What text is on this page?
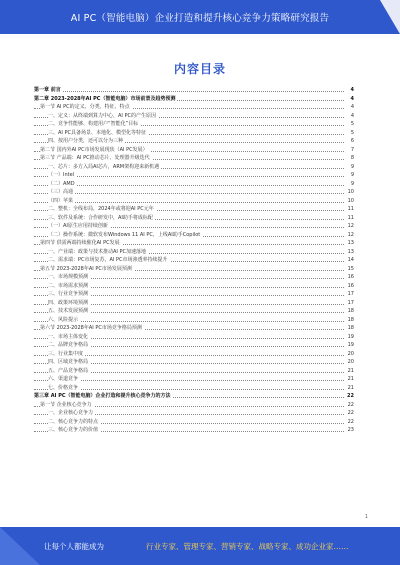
AI PC（智能电脑）企业打造和提升核心竞争力策略研究报告
内容目录
第一章 前言	4
第二章 2023-2028年AI PC（智能电脑）市场前景及趋势预测	4
第一节 AI PC的定义、分类、特征、特点	4
一、定义：从终端到算力中心，AI PC的产生原因	4
二、竞争性能够、构建用户“智能化”目标	5
三、AI PC具备场景、本地化、模型化等特征	5
四、按用户分类，还可以分为三种	6
第二节 国内外AI PC市场发展现状（AI PC发展）	7
第三节 产品端：AI PC推动芯片、处理器升级迭代	8
一、芯片：多方入局AI芯片，ARM架构迎来新机遇	9
（一）Intel	9
（二）AMD	9
（三）高通	10
（四）苹果	10
二、整机：全线布局，2024年或将迎AI PC元年	11
三、软件及系统：合作研发中，AI助手将成标配	11
（一）AI原生应用持续创新	12
（二）操作系统：微软发布Windows 11 AI PC，上线AI助手Copilot	12
第四节 供需两端持续催化AI PC发展	13
一、产业端：政策与技术推动AI PC加速落地	13
二、需求端：PC市场复苏，AI PC市场渗透率持续提升	14
第五节 2023-2028年AI PC市场发展预测	15
一、市场规模预测	16
二、市场需求预测	16
三、行业竞争预测	17
四、政策环境预测	17
五、技术发展预测	18
六、风险提示	18
第六节 2023-2028年AI PC市场竞争格局预测	18
一、市场主体变化	19
二、品牌竞争格局	19
三、行业集中度	20
四、区域竞争格局	20
五、产品竞争格局	21
六、渠道竞争	21
七、价格竞争	21
第三章 AI PC（智能电脑）企业打造和提升核心竞争力的方法	22
第一节 企业核心竞争力	22
一、企业核心竞争力	22
二、核心竞争力的特点	22
三、核心竞争力的价值	23
1
让每个人都能成为	行业专家、管理专家、营销专家、战略专家、成功企业家……
